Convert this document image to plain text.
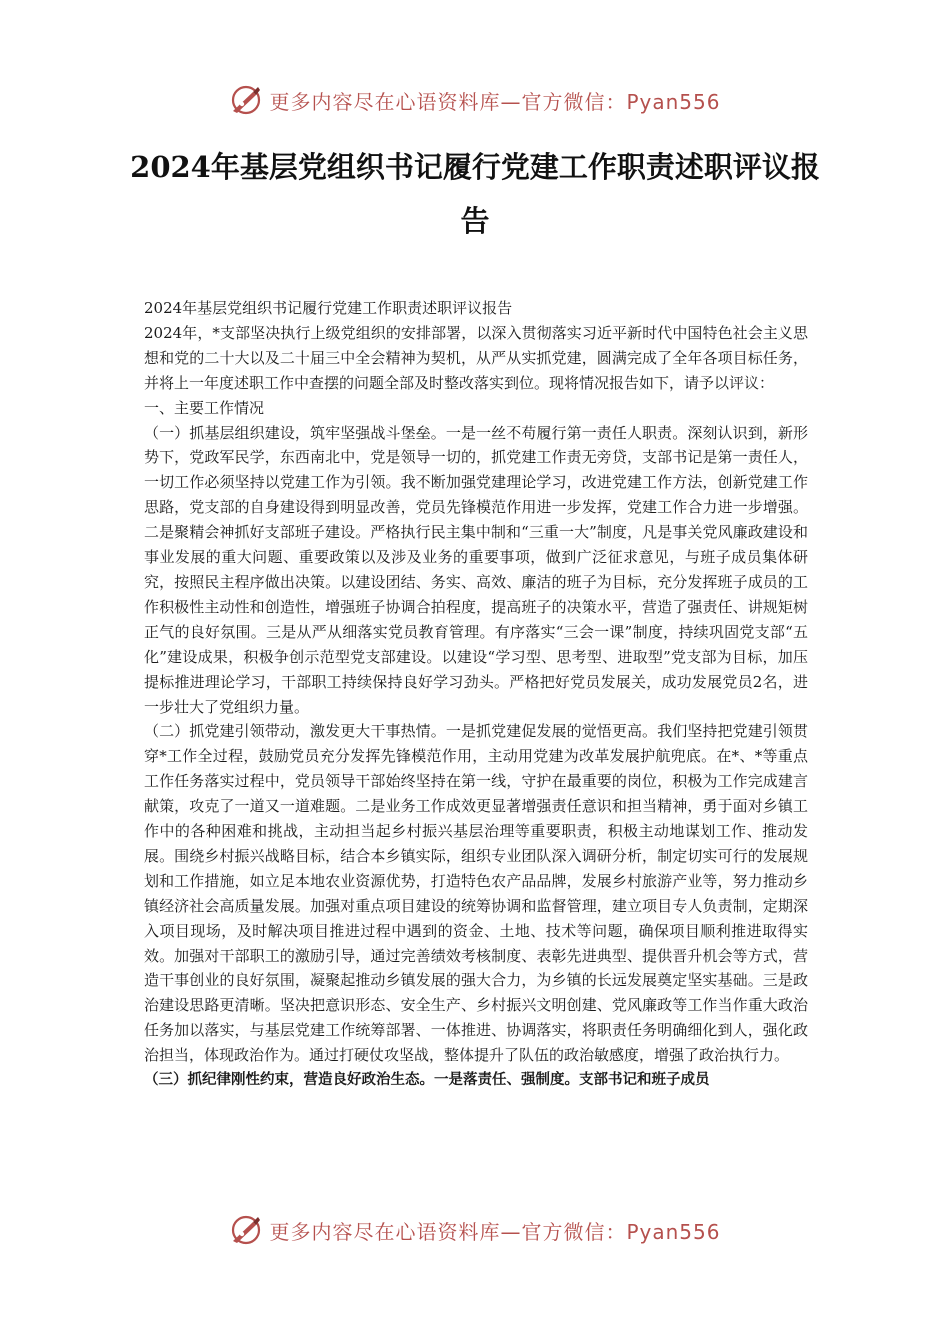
更多内容尽在心语资料库—官方微信：Pyan556
2024年基层党组织书记履行党建工作职责述职评议报告

2024年基层党组织书记履行党建工作职责述职评议报告

2024年，*支部坚决执行上级党组织的安排部署，以深入贯彻落实习近平新时代中国特色社会主义思想和党的二十大以及二十届三中全会精神为契机，从严从实抓党建，圆满完成了全年各项目标任务，并将上一年度述职工作中查摆的问题全部及时整改落实到位。现将情况报告如下，请予以评议：

一、主要工作情况

（一）抓基层组织建设，筑牢坚强战斗堡垒。一是一丝不苟履行第一责任人职责。深刻认识到，新形势下，党政军民学，东西南北中，党是领导一切的，抓党建工作责无旁贷，支部书记是第一责任人，一切工作必须坚持以党建工作为引领。我不断加强党建理论学习，改进党建工作方法，创新党建工作思路，党支部的自身建设得到明显改善，党员先锋模范作用进一步发挥，党建工作合力进一步增强。二是聚精会神抓好支部班子建设。严格执行民主集中制和“三重一大”制度，凡是事关党风廉政建设和事业发展的重大问题、重要政策以及涉及业务的重要事项，做到广泛征求意见，与班子成员集体研究，按照民主程序做出决策。以建设团结、务实、高效、廉洁的班子为目标，充分发挥班子成员的工作积极性主动性和创造性，增强班子协调合拍程度，提高班子的决策水平，营造了强责任、讲规矩树正气的良好氛围。三是从严从细落实党员教育管理。有序落实“三会一课”制度，持续巩固党支部“五化”建设成果，积极争创示范型党支部建设。以建设“学习型、思考型、进取型”党支部为目标，加压提标推进理论学习，干部职工持续保持良好学习劲头。严格把好党员发展关，成功发展党员2名，进一步壮大了党组织力量。

（二）抓党建引领带动，激发更大干事热情。一是抓党建促发展的觉悟更高。我们坚持把党建引领贯穿*工作全过程，鼓励党员充分发挥先锋模范作用，主动用党建为改革发展护航兜底。在*、*等重点工作任务落实过程中，党员领导干部始终坚持在第一线，守护在最重要的岗位，积极为工作完成建言献策，攻克了一道又一道难题。二是业务工作成效更显著增强责任意识和担当精神，勇于面对乡镇工作中的各种困难和挑战，主动担当起乡村振兴基层治理等重要职责，积极主动地谋划工作、推动发展。围绕乡村振兴战略目标，结合本乡镇实际，组织专业团队深入调研分析，制定切实可行的发展规划和工作措施，如立足本地农业资源优势，打造特色农产品品牌，发展乡村旅游产业等，努力推动乡镇经济社会高质量发展。加强对重点项目建设的统筹协调和监督管理，建立项目专人负责制，定期深入项目现场，及时解决项目推进过程中遇到的资金、土地、技术等问题，确保项目顺利推进取得实效。加强对干部职工的激励引导，通过完善绩效考核制度、表彰先进典型、提供晋升机会等方式，营造干事创业的良好氛围，凝聚起推动乡镇发展的强大合力，为乡镇的长远发展奠定坚实基础。三是政治建设思路更清晰。坚决把意识形态、安全生产、乡村振兴文明创建、党风廉政等工作当作重大政治任务加以落实，与基层党建工作统筹部署、一体推进、协调落实，将职责任务明确细化到人，强化政治担当，体现政治作为。通过打硬仗攻坚战，整体提升了队伍的政治敏感度，增强了政治执行力。

（三）抓纪律刚性约束，营造良好政治生态。一是落责任、强制度。支部书记和班子成员

更多内容尽在心语资料库—官方微信：Pyan556
